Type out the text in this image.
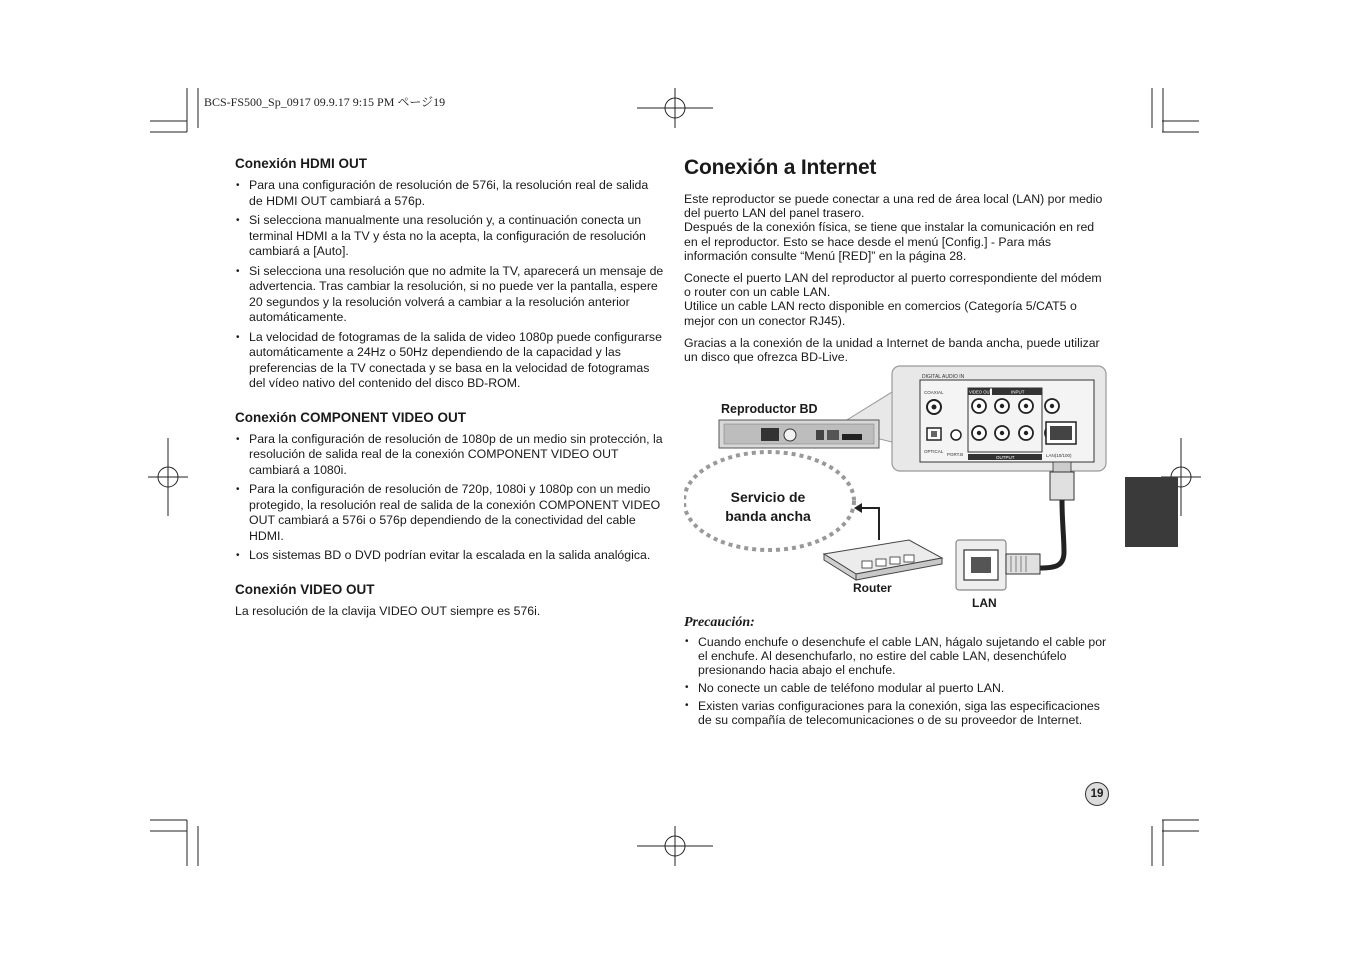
BCS-FS500_Sp_0917 09.9.17 9:15 PM ページ19
Conexión HDMI OUT
• Para una configuración de resolución de 576i, la resolución real de salida de HDMI OUT cambiará a 576p.
• Si selecciona manualmente una resolución y, a continuación conecta un terminal HDMI a la TV y ésta no la acepta, la configuración de resolución cambiará a [Auto].
• Si selecciona una resolución que no admite la TV, aparecerá un mensaje de advertencia. Tras cambiar la resolución, si no puede ver la pantalla, espere 20 segundos y la resolución volverá a cambiar a la resolución anterior automáticamente.
• La velocidad de fotogramas de la salida de video 1080p puede configurarse automáticamente a 24Hz o 50Hz dependiendo de la capacidad y las preferencias de la TV conectada y se basa en la velocidad de fotogramas del vídeo nativo del contenido del disco BD-ROM.
Conexión COMPONENT VIDEO OUT
• Para la configuración de resolución de 1080p de un medio sin protección, la resolución de salida real de la conexión COMPONENT VIDEO OUT cambiará a 1080i.
• Para la configuración de resolución de 720p, 1080i y 1080p con un medio protegido, la resolución real de salida de la conexión COMPONENT VIDEO OUT cambiará a 576i o 576p dependiendo de la conectividad del cable HDMI.
• Los sistemas BD o DVD podrían evitar la escalada en la salida analógica.
Conexión VIDEO OUT

La resolución de la clavija VIDEO OUT siempre es 576i.

Conexión a Internet

Este reproductor se puede conectar a una red de área local (LAN) por medio del puerto LAN del panel trasero.
Después de la conexión física, se tiene que instalar la comunicación en red en el reproductor. Esto se hace desde el menú [Config.] - Para más información consulte “Menú [RED]” en la página 28.

Conecte el puerto LAN del reproductor al puerto correspondiente del módem o router con un cable LAN.
Utilice un cable LAN recto disponible en comercios (Categoría 5/CAT5 o mejor con un conector RJ45).

Gracias a la conexión de la unidad a Internet de banda ancha, puede utilizar un disco que ofrezca BD-Live.

DIGITAL AUDIO IN
COAXIAL
OPTICAL
PORT.B
VIDEO OUT	INPUT
OUTPUT	LAN(10/100)
Reproductor BD
Servicio de
banda ancha
Router
LAN
Precaución:
• Cuando enchufe o desenchufe el cable LAN, hágalo sujetando el cable por el enchufe. Al desenchufarlo, no estire del cable LAN, desenchúfelo presionando hacia abajo el enchufe.
• No conecte un cable de teléfono modular al puerto LAN.
• Existen varias configuraciones para la conexión, siga las especificaciones de su compañía de telecomunicaciones o de su proveedor de Internet.
19
